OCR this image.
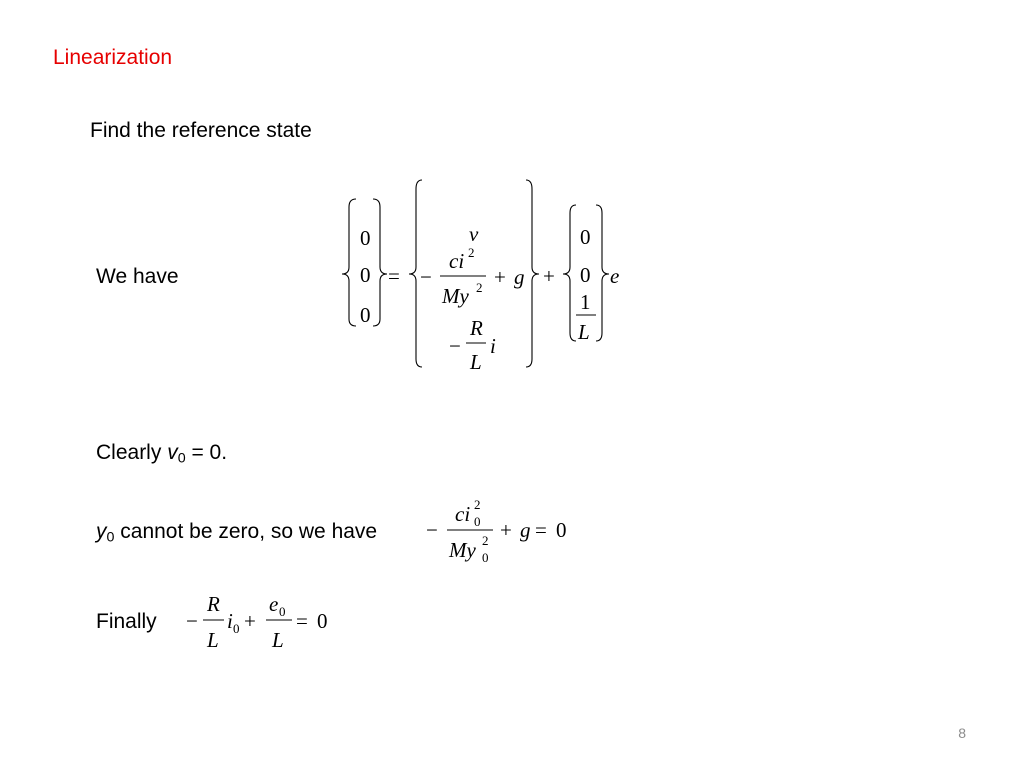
Linearization
Find the reference state
We have
0
0
0
=
v
−
ci 2
My 2 + g
−
R
L
i
+
0
0
1
L
e
Clearly $v_0 = 0$.
$y_0$ cannot be zero, so we have −
ci 2
0
My 2
0
+ g = 0
Finally −
R
L
i 0 +
e 0
L
= 0
8
